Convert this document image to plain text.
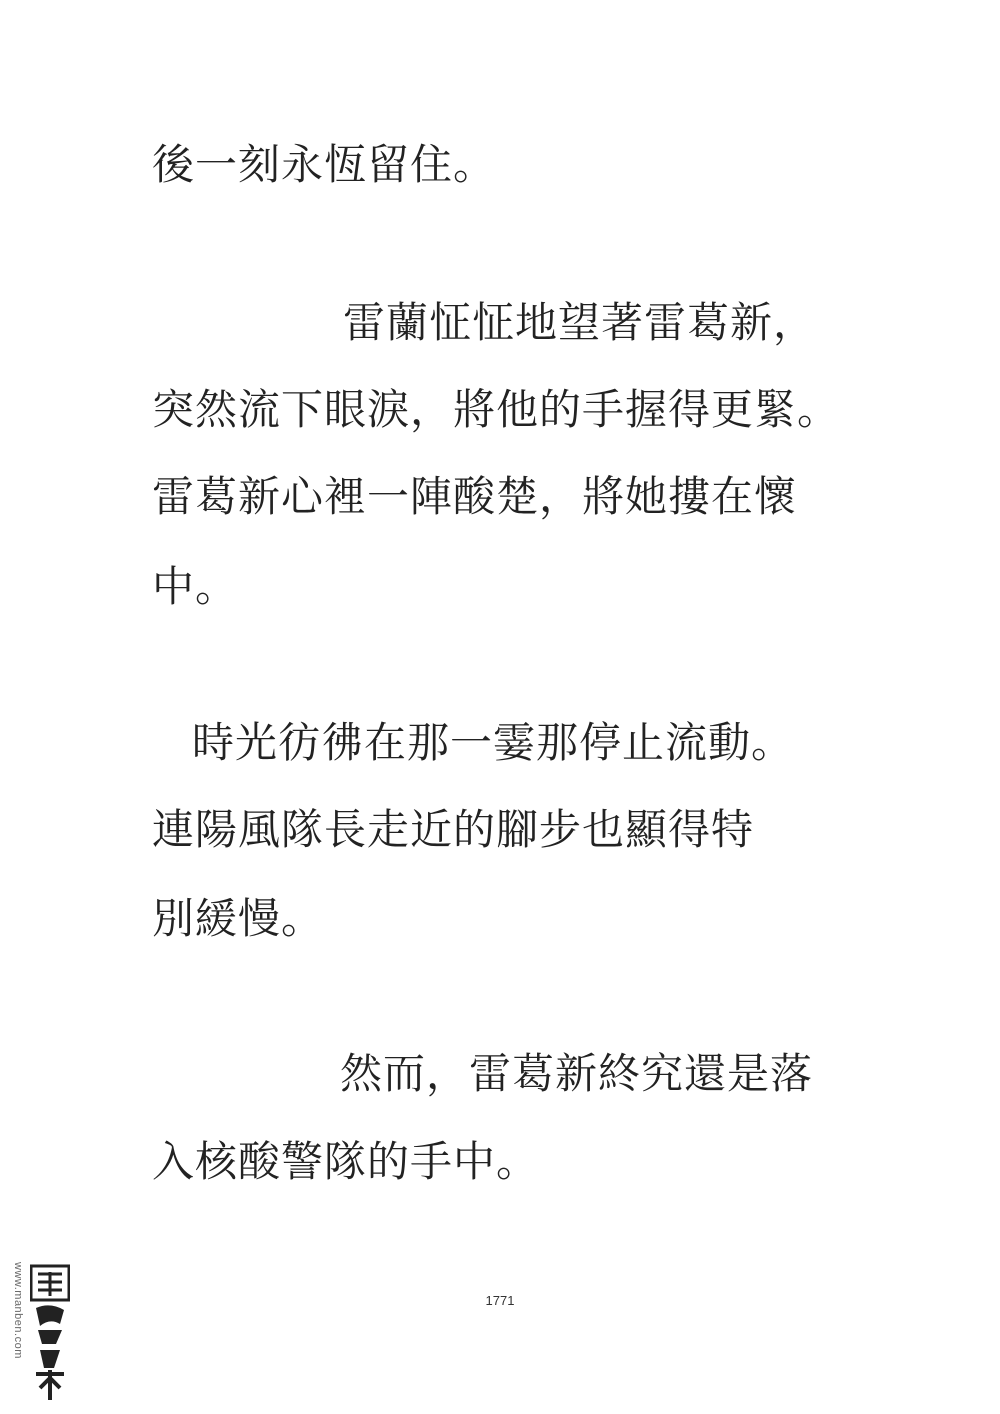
後一刻永恆留住。
雷蘭怔怔地望著雷葛新，
突然流下眼淚，將他的手握得更緊。
雷葛新心裡一陣酸楚，將她摟在懷
中。
時光彷彿在那一霎那停止流動。
連陽風隊長走近的腳步也顯得特
別緩慢。
然而，雷葛新終究還是落
入核酸警隊的手中。
1771
www.manben.com
